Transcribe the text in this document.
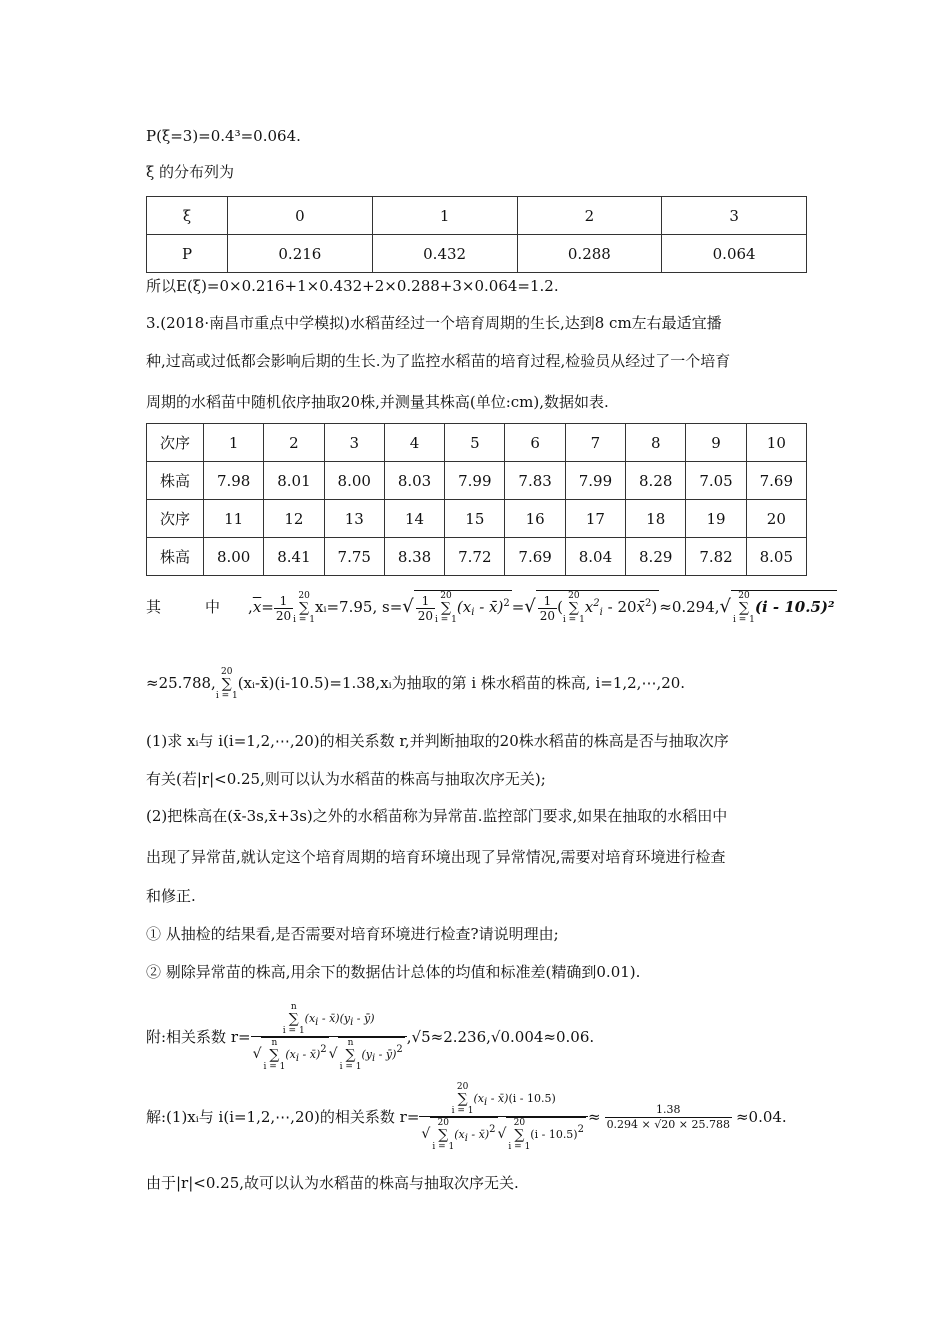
P(ξ=3)=0.4³=0.064.
ξ 的分布列为
ξ	0	1	2	3
P	0.216	0.432	0.288	0.064
所以E(ξ)=0×0.216+1×0.432+2×0.288+3×0.064=1.2.
3.(2018·南昌市重点中学模拟)水稻苗经过一个培育周期的生长,达到8 cm左右最适宜播
种,过高或过低都会影响后期的生长.为了监控水稻苗的培育过程,检验员从经过了一个培育
周期的水稻苗中随机依序抽取20株,并测量其株高(单位:cm),数据如表.
次序	1	2	3	4	5	6	7	8	9	10
株高	7.98	8.01	8.00	8.03	7.99	7.83	7.99	8.28	7.05	7.69
次序	11	12	13	14	15	16	17	18	19	20
株高	8.00	8.41	7.75	8.38	7.72	7.69	8.04	8.29	7.82	8.05
其	中 $,\overline{x}= \frac{1}{20} 20$
∑
i = 1
xᵢ=7.95, $s=√ \frac{1}{20} 20$
∑
i = 1
($x_i$ - x̄)$^2$ =√ $\frac{1}{20}$ (
20
∑
i = 1
$x^2_i$ - 20x̄$^2$) ≈0.294,√ 20
∑
i = 1
(i - 10.5)²
≈25.788,
20
∑
i = 1
(xᵢ-x̄)(i-10.5)=1.38,xᵢ为抽取的第 i 株水稻苗的株高, i=1,2,⋯,20.
(1)求 xᵢ与 i(i=1,2,⋯,20)的相关系数 r,并判断抽取的20株水稻苗的株高是否与抽取次序
有关(若|r|<0.25,则可以认为水稻苗的株高与抽取次序无关);
(2)把株高在(x̄-3s,x̄+3s)之外的水稻苗称为异常苗.监控部门要求,如果在抽取的水稻田中
出现了异常苗,就认定这个培育周期的培育环境出现了异常情况,需要对培育环境进行检查
和修正.
① 从抽检的结果看,是否需要对培育环境进行检查?请说明理由;
② 剔除异常苗的株高,用余下的数据估计总体的均值和标准差(精确到0.01).
附:相关系数 r= n
∑
i = 1
(xi - x̄)(yi - ȳ)
√
n
∑
i = 1
(xi - x̄)2 √
n
∑
i = 1
(yi - ȳ)2 ,√5≈2.236,√0.004≈0.06.
解:(1)xᵢ与 i(i=1,2,⋯,20)的相关系数 r= 20
∑
i = 1
(xi - x̄)(i - 10.5)
√
20
∑
i = 1
(xi - x̄)2 √
20
∑
i = 1
$(i - 10.5)2 \approx \frac{1.38}{0.294 \times √20 \times 25.788} \approx 0.04$.
由于|r|<0.25,故可以认为水稻苗的株高与抽取次序无关.
